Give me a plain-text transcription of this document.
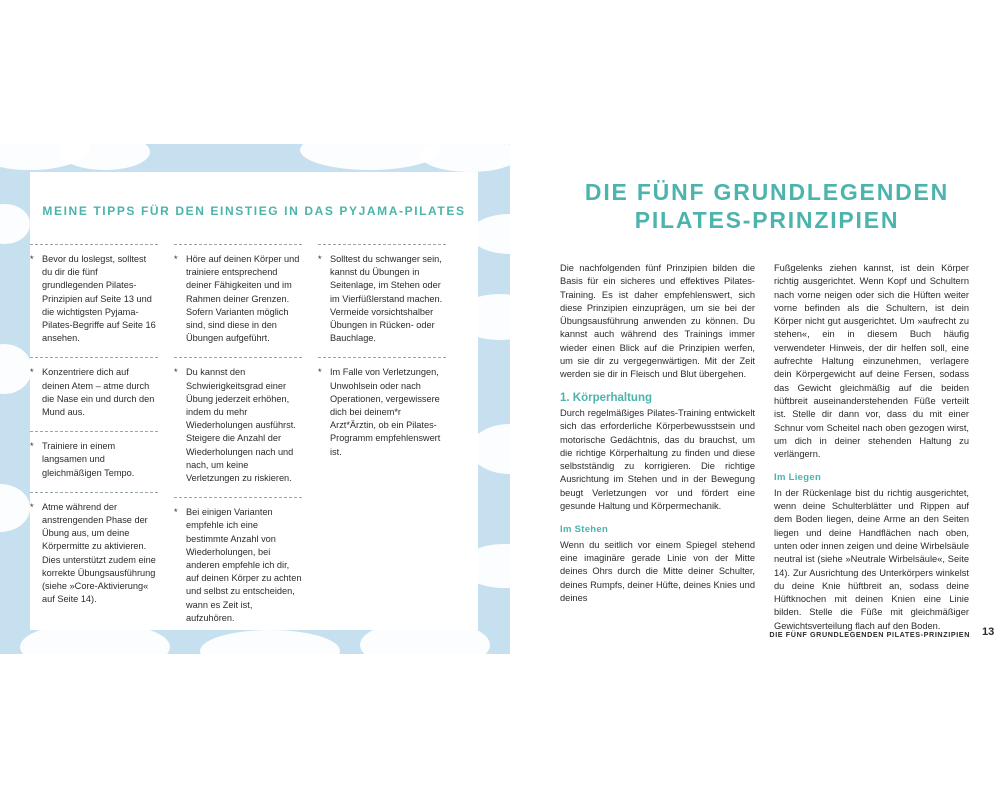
MEINE TIPPS FÜR DEN EINSTIEG IN DAS PYJAMA-PILATES
* Bevor du loslegst, solltest du dir die fünf grundlegenden Pilates-Prinzipien auf Seite 13 und die wichtigsten Pyjama-Pilates-Begriffe auf Seite 16 ansehen.
* Konzentriere dich auf deinen Atem – atme durch die Nase ein und durch den Mund aus.
* Trainiere in einem langsamen und gleichmäßigen Tempo.
* Atme während der anstrengenden Phase der Übung aus, um deine Körpermitte zu aktivieren. Dies unterstützt zudem eine korrekte Übungsausführung (siehe »Core-Aktivierung« auf Seite 14).
* Höre auf deinen Körper und trainiere entsprechend deiner Fähigkeiten und im Rahmen deiner Grenzen. Sofern Varianten möglich sind, sind diese in den Übungen aufgeführt.
* Du kannst den Schwierigkeitsgrad einer Übung jederzeit erhöhen, indem du mehr Wiederholungen ausführst. Steigere die Anzahl der Wiederholungen nach und nach, um keine Verletzungen zu riskieren.
* Bei einigen Varianten empfehle ich eine bestimmte Anzahl von Wiederholungen, bei anderen empfehle ich dir, auf deinen Körper zu achten und selbst zu entscheiden, wann es Zeit ist, aufzuhören.
* Solltest du schwanger sein, kannst du Übungen in Seitenlage, im Stehen oder im Vierfüßlerstand machen. Vermeide vorsichtshalber Übungen in Rücken- oder Bauchlage.
* Im Falle von Verletzungen, Unwohlsein oder nach Operationen, vergewissere dich bei deinem*r Arzt*Ärztin, ob ein Pilates-Programm empfehlenswert ist.
DIE FÜNF GRUNDLEGENDEN
PILATES-PRINZIPIEN

Die nachfolgenden fünf Prinzipien bilden die Basis für ein sicheres und effektives Pilates-Training. Es ist daher empfehlenswert, sich diese Prinzipien einzuprägen, um sie bei der Übungsausführung anwenden zu können. Du kannst auch während des Trainings immer wieder einen Blick auf die Prinzipien werfen, um sie dir zu vergegenwärtigen. Mit der Zeit werden sie dir in Fleisch und Blut übergehen.

1. Körperhaltung

Durch regelmäßiges Pilates-Training entwickelt sich das erforderliche Körperbewusstsein und motorische Gedächtnis, das du brauchst, um die richtige Körperhaltung zu finden und diese selbstständig zu korrigieren. Die richtige Ausrichtung im Stehen und in der Bewegung beugt Verletzungen vor und fördert eine gesunde Haltung und Körpermechanik.

Im Stehen

Wenn du seitlich vor einem Spiegel stehend eine imaginäre gerade Linie von der Mitte deines Ohrs durch die Mitte deiner Schulter, deines Rumpfs, deiner Hüfte, deines Knies und deines

Fußgelenks ziehen kannst, ist dein Körper richtig ausgerichtet. Wenn Kopf und Schultern nach vorne neigen oder sich die Hüften weiter vorne befinden als die Schultern, ist dein Körper nicht gut ausgerichtet. Um »aufrecht zu stehen«, ein in diesem Buch häufig verwendeter Hinweis, der dir helfen soll, eine aufrechte Haltung einzunehmen, verlagere dein Körpergewicht auf deine Fersen, sodass das Gewicht gleichmäßig auf die beiden hüftbreit auseinanderstehenden Füße verteilt ist. Stelle dir dann vor, dass du mit einer Schnur vom Scheitel nach oben gezogen wirst, um dich in deiner stehenden Haltung zu verlängern.

Im Liegen

In der Rückenlage bist du richtig ausgerichtet, wenn deine Schulterblätter und Rippen auf dem Boden liegen, deine Arme an den Seiten liegen und deine Handflächen nach oben, unten oder innen zeigen und deine Wirbelsäule neutral ist (siehe »Neutrale Wirbelsäule«, Seite 14). Zur Ausrichtung des Unterkörpers winkelst du deine Knie hüftbreit an, sodass deine Hüftknochen mit deinen Knien eine Linie bilden. Stelle die Füße mit gleichmäßiger Gewichtsverteilung flach auf den Boden.

DIE FÜNF GRUNDLEGENDEN PILATES-PRINZIPIEN 13
